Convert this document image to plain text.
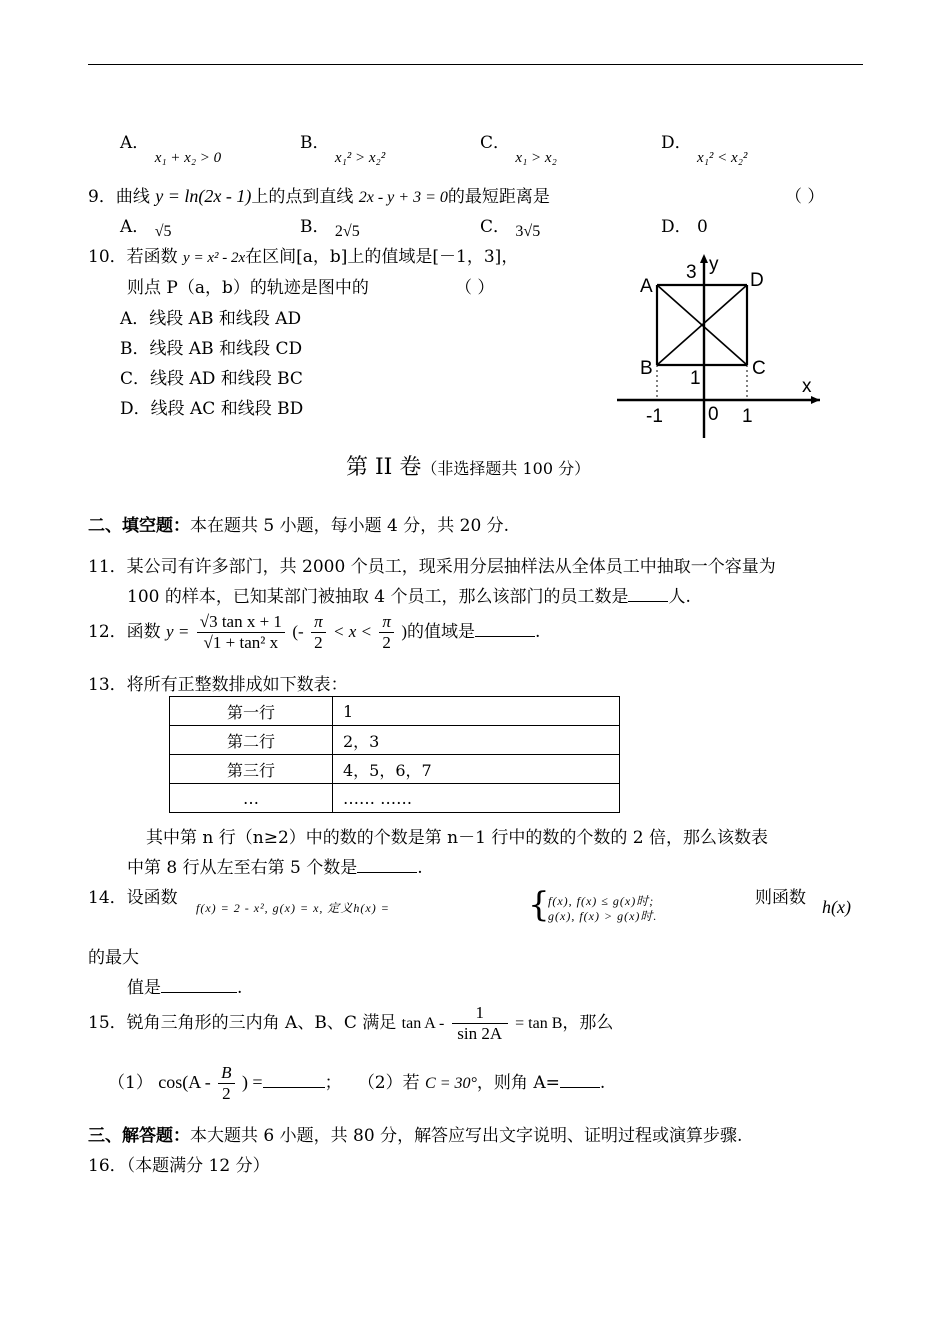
A． x₁ + x₂ > 0
B． x₁² > x₂²
C． x₁ > x₂
D． x₁² < x₂²
9．曲线 y = ln(2x - 1)上的点到直线 2x - y + 3 = 0的最短距离是	（ ）
A． √5	B． 2√5	C． 3√5	D． 0
10．若函数 y = x² - 2x在区间[a，b]上的值域是[－1，3]，
则点 P（a，b）的轨迹是图中的	（ ）
A．线段 AB 和线段 AD
B．线段 AB 和线段 CD
C．线段 AD 和线段 BC
D．线段 AC 和线段 BD
A	D
B	C
3 y
1	x
-1 0 1
第 II 卷（非选择题共 100 分）
二、填空题：本在题共 5 小题，每小题 4 分，共 20 分.
11．某公司有许多部门，共 2000 个员工，现采用分层抽样法从全体员工中抽取一个容量为
100 的样本，已知某部门被抽取 4 个员工，那么该部门的员工数是 人.
12．函数 $y = \frac{\text{√3 tan x + 1}}{\text{√1 + tan² x}}$ (- $\frac{\pi}{2} < x < \frac{\pi}{2}$ )的值域是	.
13．将所有正整数排成如下数表：
第一行	1
第二行	2，3
第三行	4，5，6，7
…	…… ……
其中第 n 行（n≥2）中的数的个数是第 n－1 行中的数的个数的 2 倍，那么该数表
中第 8 行从左至右第 5 个数是	.
14．设函数 f(x) = 2 - x², g(x) = x, 定义h(x) =	{
f(x), f(x) ≤ g(x)时;
g(x), f(x) > g(x)时.
则函数 h(x)
的最大
值是	.
15．锐角三角形的三内角 A、B、C 满足 $\tan A - \frac{1}{\sin 2A} = \tan B$，那么
（1） $\cos(A - \frac{B}{2}$ ) =	； （2）若 C = 30°，则角 A= .
三、解答题：本大题共 6 小题，共 80 分，解答应写出文字说明、证明过程或演算步骤.
16．（本题满分 12 分）
